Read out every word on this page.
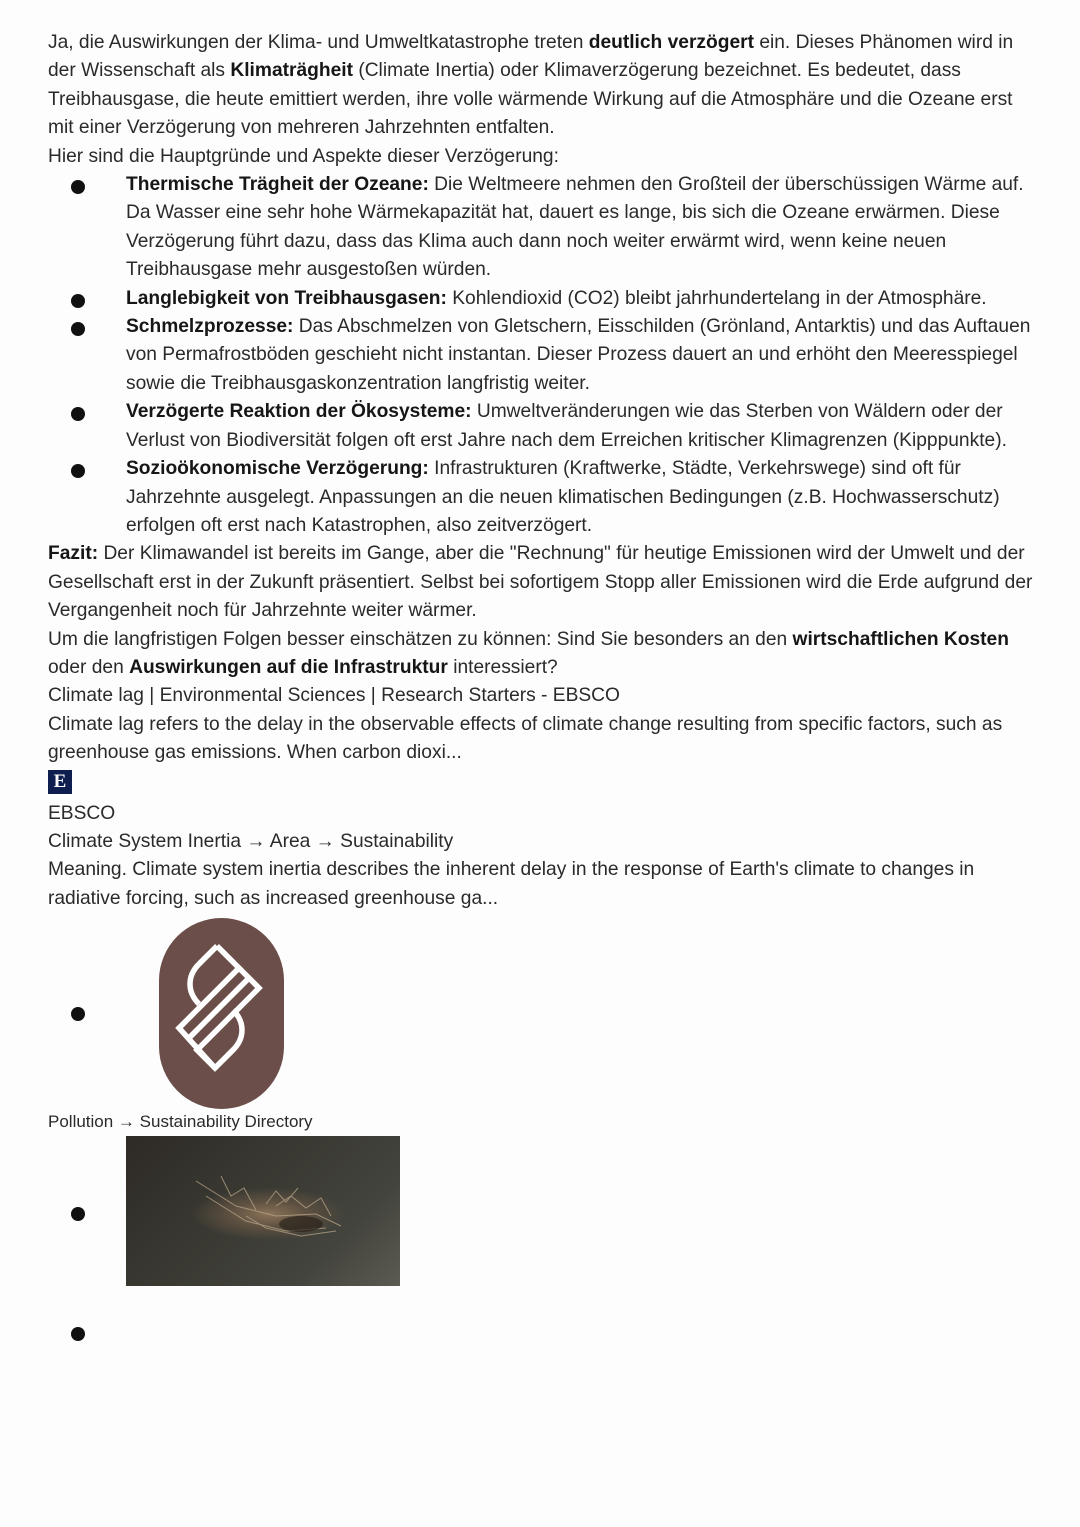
Ja, die Auswirkungen der Klima- und Umweltkatastrophe treten deutlich verzögert ein. Dieses Phänomen wird in der Wissenschaft als Klimaträgheit (Climate Inertia) oder Klimaverzögerung bezeichnet. Es bedeutet, dass Treibhausgase, die heute emittiert werden, ihre volle wärmende Wirkung auf die Atmosphäre und die Ozeane erst mit einer Verzögerung von mehreren Jahrzehnten entfalten.

Hier sind die Hauptgründe und Aspekte dieser Verzögerung:

Thermische Trägheit der Ozeane: Die Weltmeere nehmen den Großteil der überschüssigen Wärme auf. Da Wasser eine sehr hohe Wärmekapazität hat, dauert es lange, bis sich die Ozeane erwärmen. Diese Verzögerung führt dazu, dass das Klima auch dann noch weiter erwärmt wird, wenn keine neuen Treibhausgase mehr ausgestoßen würden.
Langlebigkeit von Treibhausgasen: Kohlendioxid (CO2) bleibt jahrhundertelang in der Atmosphäre.
Schmelzprozesse: Das Abschmelzen von Gletschern, Eisschilden (Grönland, Antarktis) und das Auftauen von Permafrostböden geschieht nicht instantan. Dieser Prozess dauert an und erhöht den Meeresspiegel sowie die Treibhausgaskonzentration langfristig weiter.
Verzögerte Reaktion der Ökosysteme: Umweltveränderungen wie das Sterben von Wäldern oder der Verlust von Biodiversität folgen oft erst Jahre nach dem Erreichen kritischer Klimagrenzen (Kipppunkte).
Sozioökonomische Verzögerung: Infrastrukturen (Kraftwerke, Städte, Verkehrswege) sind oft für Jahrzehnte ausgelegt. Anpassungen an die neuen klimatischen Bedingungen (z.B. Hochwasserschutz) erfolgen oft erst nach Katastrophen, also zeitverzögert.

Fazit: Der Klimawandel ist bereits im Gange, aber die "Rechnung" für heutige Emissionen wird der Umwelt und der Gesellschaft erst in der Zukunft präsentiert. Selbst bei sofortigem Stopp aller Emissionen wird die Erde aufgrund der Vergangenheit noch für Jahrzehnte weiter wärmer.

Um die langfristigen Folgen besser einschätzen zu können: Sind Sie besonders an den wirtschaftlichen Kosten oder den Auswirkungen auf die Infrastruktur interessiert?

Climate lag | Environmental Sciences | Research Starters - EBSCO

Climate lag refers to the delay in the observable effects of climate change resulting from specific factors, such as greenhouse gas emissions. When carbon dioxi...

E

EBSCO

Climate System Inertia → Area → Sustainability

Meaning. Climate system inertia describes the inherent delay in the response of Earth's climate to changes in radiative forcing, such as increased greenhouse ga...

Pollution → Sustainability Directory
